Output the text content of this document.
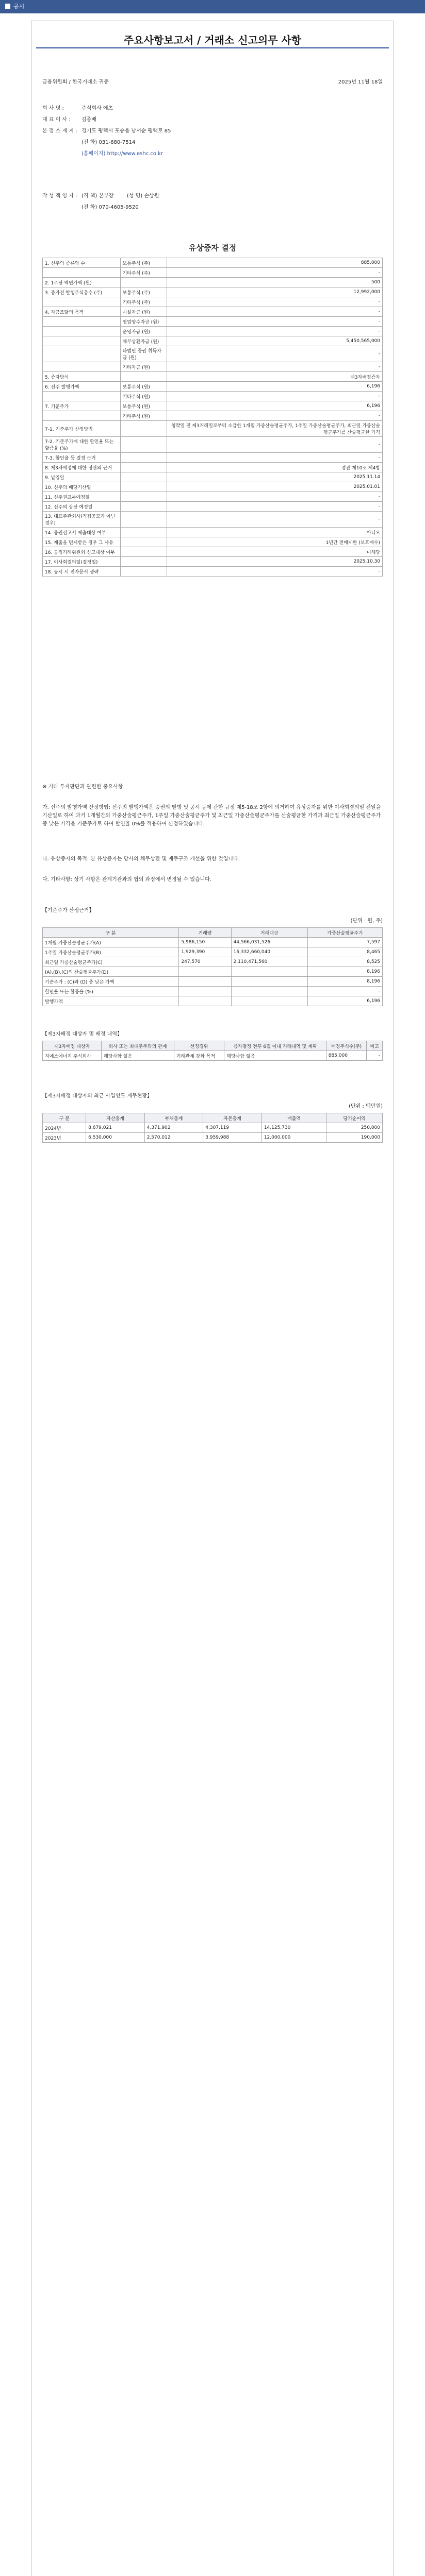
공시
주요사항보고서 / 거래소 신고의무 사항
금융위원회 / 한국거래소 귀중	2025년 11월 18일
회 사 명 :	주식회사 에츠
대 표 이 사 : 김종배
본 점 소 재 지 : 경기도 평택시 포승읍 남서순 평택로 85
(전 화) 031-680-7514
(홈페이지) http://www.eshc.co.kr
작 성 책 임 자 : (직 책) 본부장	(성 명) 손상원
(전 화) 070-4605-9520
유상증자 결정
1. 신주의 종류와 수	보통주식 (주)	885,000
	기타주식 (주)	-
2. 1주당 액면가액 (원)		500
3. 증자전 발행주식총수 (주)	보통주식 (주)	12,992,000
	기타주식 (주)	-
4. 자금조달의 목적	시설자금 (원)	-
	영업양수자금 (원)	-
	운영자금 (원)	-
	채무상환자금 (원)	5,450,565,000
	타법인 증권 취득자금 (원)	-
	기타자금 (원)	-
5. 증자방식		제3자배정증자
6. 신주 발행가액	보통주식 (원)	6,196
	기타주식 (원)	-
7. 기준주가	보통주식 (원)	6,196
	기타주식 (원)	-
7-1. 기준주가 산정방법		청약일 전 제3거래일로부터 소급한 1개월 가중산술평균주가, 1주일 가중산술평균주가, 최근일 가중산술평균주가를 산술평균한 가격
7-2. 기준주가에 대한 할인율 또는 할증율 (%)		-
7-3. 할인율 등 결정 근거		-
8. 제3자배정에 대한 정관의 근거		정관 제10조 제4항
9. 납입일		2025.11.14
10. 신주의 배당기산일		2025.01.01
11. 신주권교부예정일		-
12. 신주의 상장 예정일		-
13. 대표주관회사(직접공모가 아닌 경우)		-
14. 증권신고서 제출대상 여부		아니오
15. 제출을 면제받은 경우 그 사유		1년간 전매제한 (보호예수)
16. 공정거래위원회 신고대상 여부		미해당
17. 이사회결의일(결정일)		2025.10.30
18. 공시 시 전자문서 생략		-
※ 기타 투자판단과 관련한 중요사항
가. 신주의 발행가액 산정방법: 신주의 발행가액은 증권의 발행 및 공시 등에 관한 규정 제5-18조 2항에 의거하여 유상증자를 위한 이사회결의일 전일을 기산일로 하여 과거 1개월간의 가중산술평균주가, 1주일 가중산술평균주가 및 최근일 가중산술평균주가를 산술평균한 가격과 최근일 가중산술평균주가 중 낮은 가격을 기준주가로 하여 할인율 0%를 적용하여 산정하였습니다.
나. 유상증자의 목적: 본 유상증자는 당사의 채무상환 및 재무구조 개선을 위한 것입니다.
다. 기타사항: 상기 사항은 관계기관과의 협의 과정에서 변경될 수 있습니다.
【기준주가 산정근거】
(단위 : 원, 주)
구 분	거래량	거래대금	가중산술평균주가
1개월 가중산술평균주가(A)	5,986,150	44,566,031,526	7,597
1주일 가중산술평균주가(B)	1,929,390	16,332,660,040	8,465
최근일 가중산술평균주가(C)	247,570	2,110,471,560	8,525
(A),(B),(C)의 산술평균주가(D)			8,196
기준주가 : (C)와 (D) 중 낮은 가액			8,196
할인율 또는 할증율 (%)			-
발행가액			6,196
【제3자배정 대상자 및 배정 내역】
제3자배정 대상자	회사 또는 최대주주와의 관계	선정경위	증자결정 전후 6월 이내 거래내역 및 계획	배정주식수(주)	비고
지에스에너지 주식회사	해당사항 없음	거래관계 강화 목적	해당사항 없음	885,000	-
【제3자배정 대상자의 최근 사업연도 재무현황】
(단위 : 백만원)
구 분	자산총계	부채총계	자본총계	매출액	당기순이익
2024년	8,679,021	4,371,902	4,307,119	14,125,730	250,000
2023년	6,530,000	2,570,012	3,959,988	12,000,000	190,000
